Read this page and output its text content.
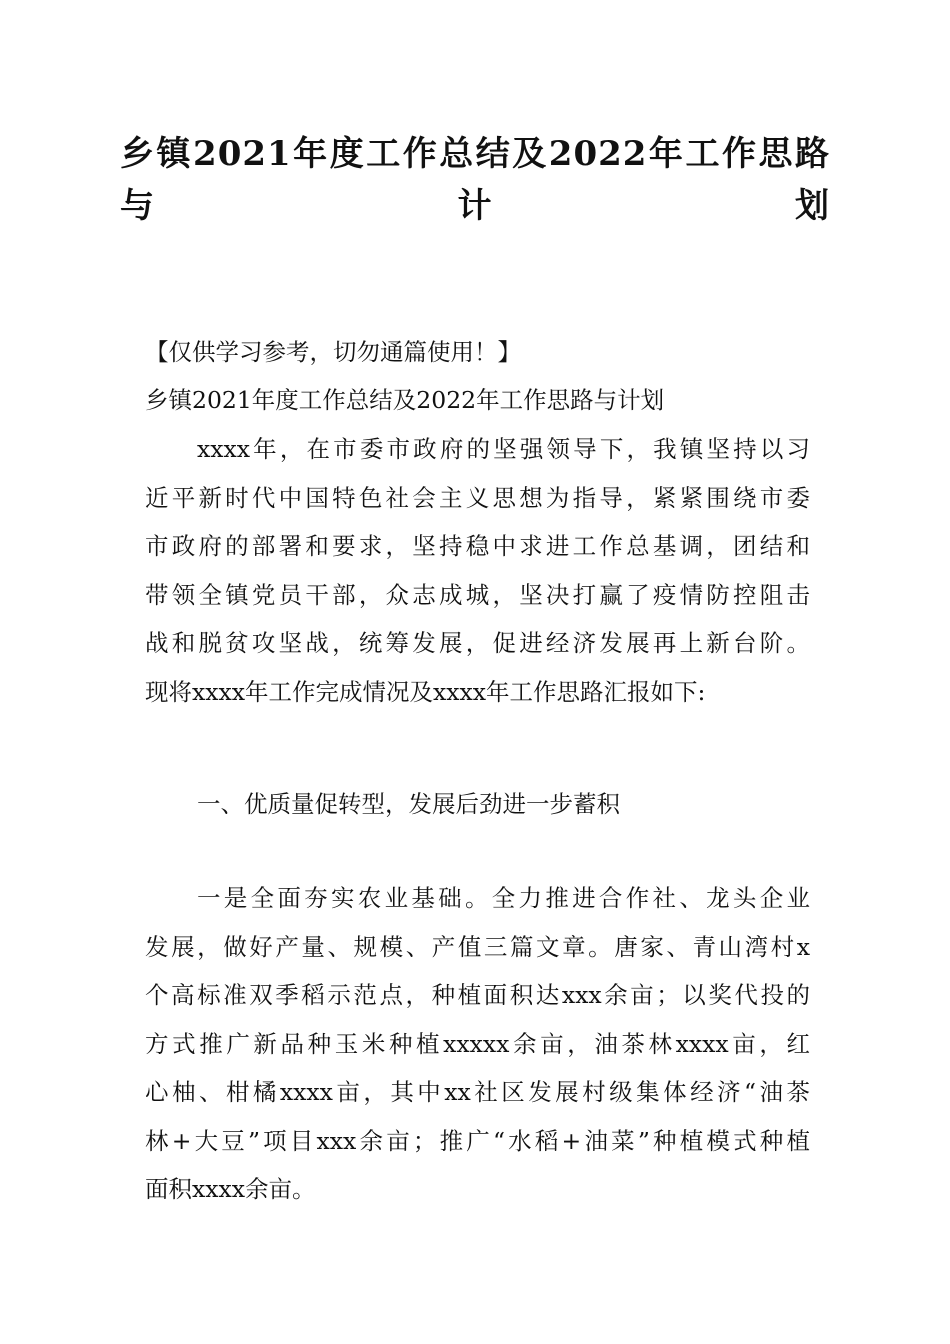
乡镇2021年度工作总结及2022年工作思路
与计划
【仅供学习参考，切勿通篇使用！】
乡镇2021年度工作总结及2022年工作思路与计划
xxxx年，在市委市政府的坚强领导下，我镇坚持以习
近平新时代中国特色社会主义思想为指导，紧紧围绕市委
市政府的部署和要求，坚持稳中求进工作总基调，团结和
带领全镇党员干部，众志成城，坚决打赢了疫情防控阻击
战和脱贫攻坚战，统筹发展，促进经济发展再上新台阶。
现将xxxx年工作完成情况及xxxx年工作思路汇报如下:
一、优质量促转型，发展后劲进一步蓄积
一是全面夯实农业基础。全力推进合作社、龙头企业
发展，做好产量、规模、产值三篇文章。唐家、青山湾村x
个高标准双季稻示范点，种植面积达xxx余亩；以奖代投的
方式推广新品种玉米种植xxxxx余亩，油茶林xxxx亩，红
心柚、柑橘xxxx亩，其中xx社区发展村级集体经济“油茶
林+大豆”项目xxx余亩；推广“水稻+油菜”种植模式种植
面积xxxx余亩。
